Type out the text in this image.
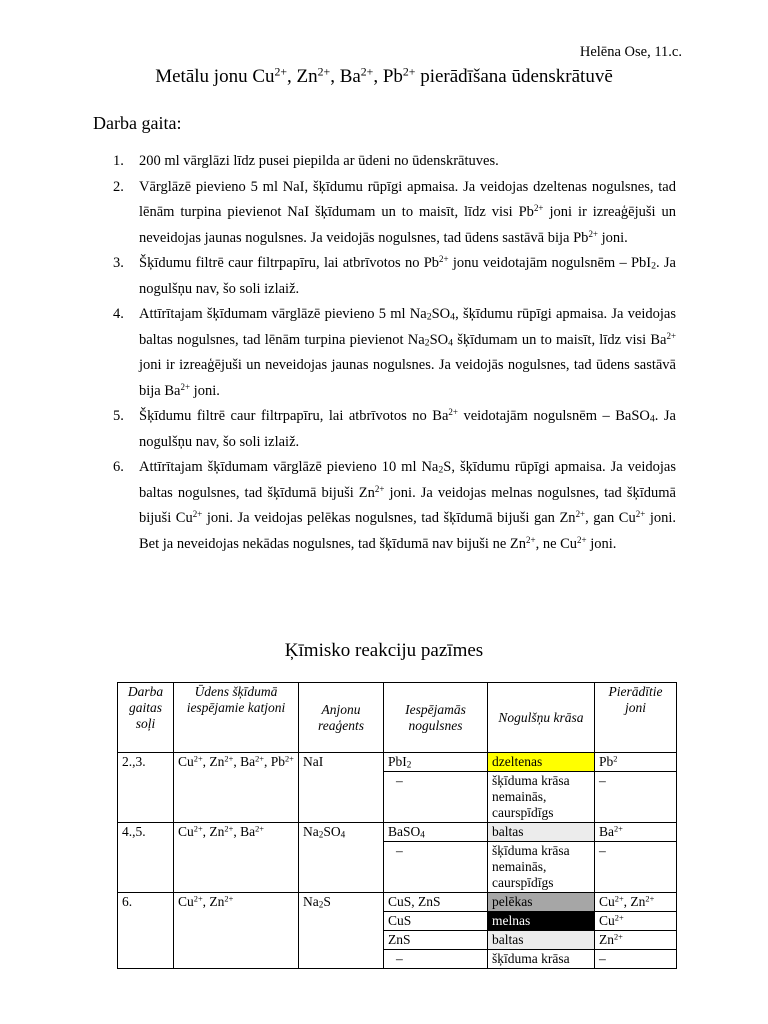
Helēna Ose, 11.c.
Metālu jonu $Cu^{2+}$, $Zn^{2+}$, $Ba^{2+}$, $Pb^{2+}$ pierādīšana ūdenskrātuvē
Darba gaita:
1. 200 ml vārglāzi līdz pusei piepilda ar ūdeni no ūdenskrātuves.
2. Vārglāzē pievieno 5 ml NaI, šķīdumu rūpīgi apmaisa. Ja veidojas dzeltenas nogulsnes, tad lēnām turpina pievienot NaI šķīdumam un to maisīt, līdz visi $Pb^{2+}$ joni ir izreaģējuši un neveidojas jaunas nogulsnes. Ja veidojās nogulsnes, tad ūdens sastāvā bija $Pb^{2+}$ joni.
3. Šķīdumu filtrē caur filtrpapīru, lai atbrīvotos no $Pb^{2+}$ jonu veidotajām nogulsnēm – PbI$_2$. Ja nogulšņu nav, šo soli izlaiž.
4. Attīrītajam šķīdumam vārglāzē pievieno 5 ml $Na_2SO_4$, šķīdumu rūpīgi apmaisa. Ja veidojas baltas nogulsnes, tad lēnām turpina pievienot $Na_2SO_4$ šķīdumam un to maisīt, līdz visi $Ba^{2+}$ joni ir izreaģējuši un neveidojas jaunas nogulsnes. Ja veidojās nogulsnes, tad ūdens sastāvā bija $Ba^{2+}$ joni.
5. Šķīdumu filtrē caur filtrpapīru, lai atbrīvotos no $Ba^{2+}$ veidotajām nogulsnēm – BaSO$_4$. Ja nogulšņu nav, šo soli izlaiž.
6. Attīrītajam šķīdumam vārglāzē pievieno 10 ml $Na_2S$, šķīdumu rūpīgi apmaisa. Ja veidojas baltas nogulsnes, tad šķīdumā bijuši $Zn^{2+}$ joni. Ja veidojas melnas nogulsnes, tad šķīdumā bijuši $Cu^{2+}$ joni. Ja veidojas pelēkas nogulsnes, tad šķīdumā bijuši gan $Zn^{2+}$, gan $Cu^{2+}$ joni. Bet ja neveidojas nekādas nogulsnes, tad šķīdumā nav bijuši ne $Zn^{2+}$, ne $Cu^{2+}$ joni.
Ķīmisko reakciju pazīmes
Darba gaitas soļi	Ūdens šķīdumā iespējamie katjoni	Anjonu reaģents	Iespējamās nogulsnes	Nogulšņu krāsa	Pierādītie joni
2.,3.	$Cu^{2+}$, $Zn^{2+}$, $Ba^{2+}$, $Pb^{2+}$	NaI	PbI$_2$	dzeltenas	Pb$^2$
			–	šķīduma krāsa nemainās, caurspīdīgs	–
4.,5.	$Cu^{2+}$, $Zn^{2+}$, $Ba^{2+}$	$Na_2SO_4$	BaSO$_4$	baltas	$Ba^{2+}$
			–	šķīduma krāsa nemainās, caurspīdīgs	–
6.	$Cu^{2+}$, $Zn^{2+}$	$Na_2S$	CuS, ZnS	pelēkas	$Cu^{2+}$, $Zn^{2+}$
			CuS	melnas	$Cu^{2+}$
			ZnS	baltas	$Zn^{2+}$
			–	šķīduma krāsa	–
